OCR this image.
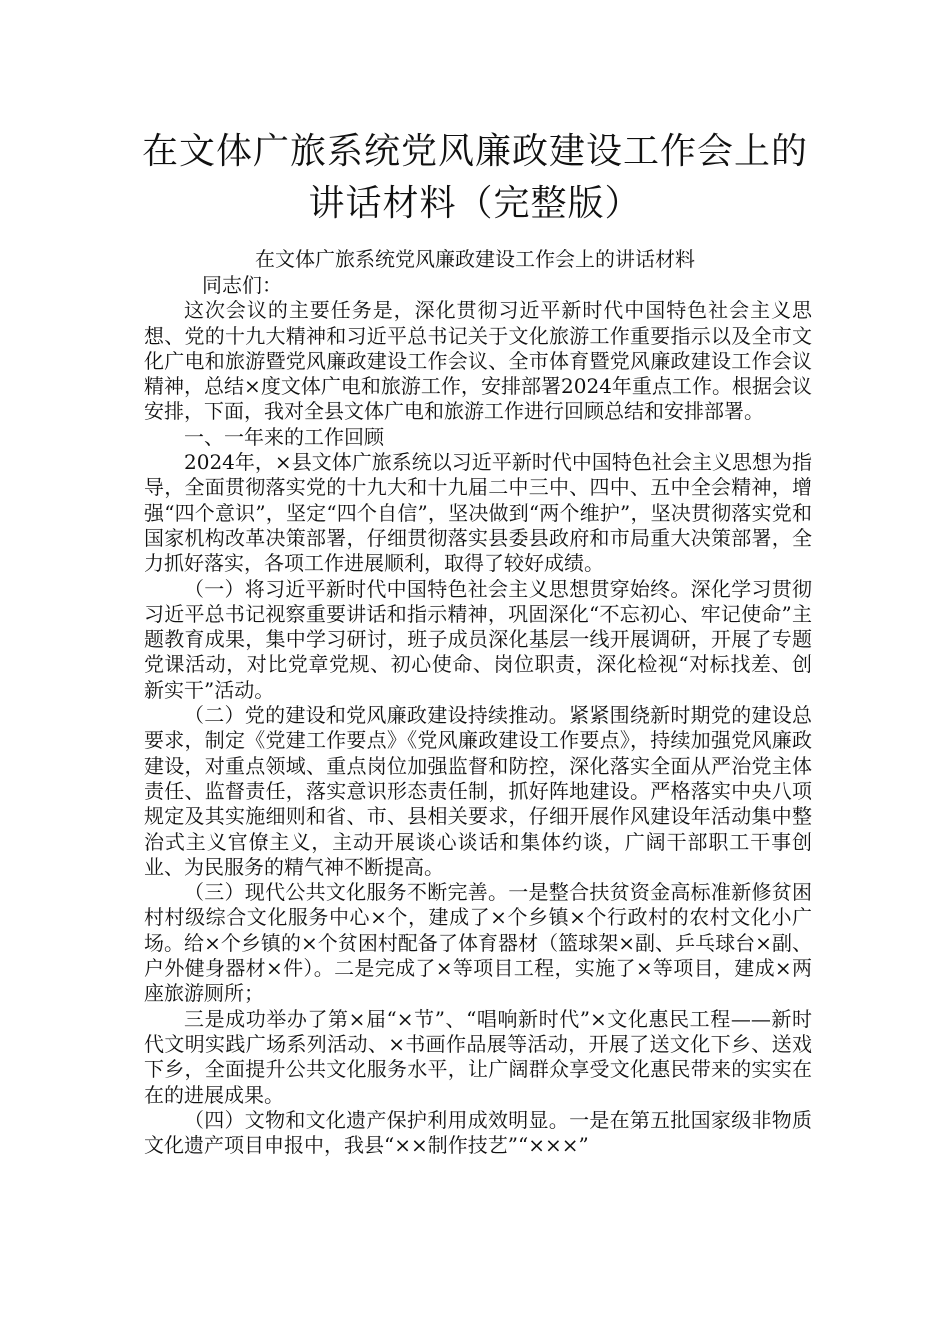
在文体广旅系统党风廉政建设工作会上的
讲话材料（完整版）
在文体广旅系统党风廉政建设工作会上的讲话材料

同志们：

这次会议的主要任务是，深化贯彻习近平新时代中国特色社会主义思想、党的十九大精神和习近平总书记关于文化旅游工作重要指示以及全市文化广电和旅游暨党风廉政建设工作会议、全市体育暨党风廉政建设工作会议精神，总结×度文体广电和旅游工作，安排部署2024年重点工作。根据会议安排，下面，我对全县文体广电和旅游工作进行回顾总结和安排部署。

一、一年来的工作回顾

2024年，×县文体广旅系统以习近平新时代中国特色社会主义思想为指导，全面贯彻落实党的十九大和十九届二中三中、四中、五中全会精神，增强“四个意识”，坚定“四个自信”，坚决做到“两个维护”，坚决贯彻落实党和国家机构改革决策部署，仔细贯彻落实县委县政府和市局重大决策部署，全力抓好落实，各项工作进展顺利，取得了较好成绩。

（一）将习近平新时代中国特色社会主义思想贯穿始终。深化学习贯彻习近平总书记视察重要讲话和指示精神，巩固深化“不忘初心、牢记使命”主题教育成果，集中学习研讨，班子成员深化基层一线开展调研，开展了专题党课活动，对比党章党规、初心使命、岗位职责，深化检视“对标找差、创新实干”活动。

（二）党的建设和党风廉政建设持续推动。紧紧围绕新时期党的建设总要求，制定《党建工作要点》《党风廉政建设工作要点》，持续加强党风廉政建设，对重点领域、重点岗位加强监督和防控，深化落实全面从严治党主体责任、监督责任，落实意识形态责任制，抓好阵地建设。严格落实中央八项规定及其实施细则和省、市、县相关要求，仔细开展作风建设年活动集中整治式主义官僚主义，主动开展谈心谈话和集体约谈，广阔干部职工干事创业、为民服务的精气神不断提高。

（三）现代公共文化服务不断完善。一是整合扶贫资金高标准新修贫困村村级综合文化服务中心×个，建成了×个乡镇×个行政村的农村文化小广场。给×个乡镇的×个贫困村配备了体育器材（篮球架×副、乒乓球台×副、户外健身器材×件）。二是完成了×等项目工程，实施了×等项目，建成×两座旅游厕所；

三是成功举办了第×届“×节”、“唱响新时代”×文化惠民工程——新时代文明实践广场系列活动、×书画作品展等活动，开展了送文化下乡、送戏下乡，全面提升公共文化服务水平，让广阔群众享受文化惠民带来的实实在在的进展成果。

（四）文物和文化遗产保护利用成效明显。一是在第五批国家级非物质文化遗产项目申报中，我县“××制作技艺”“×××”
